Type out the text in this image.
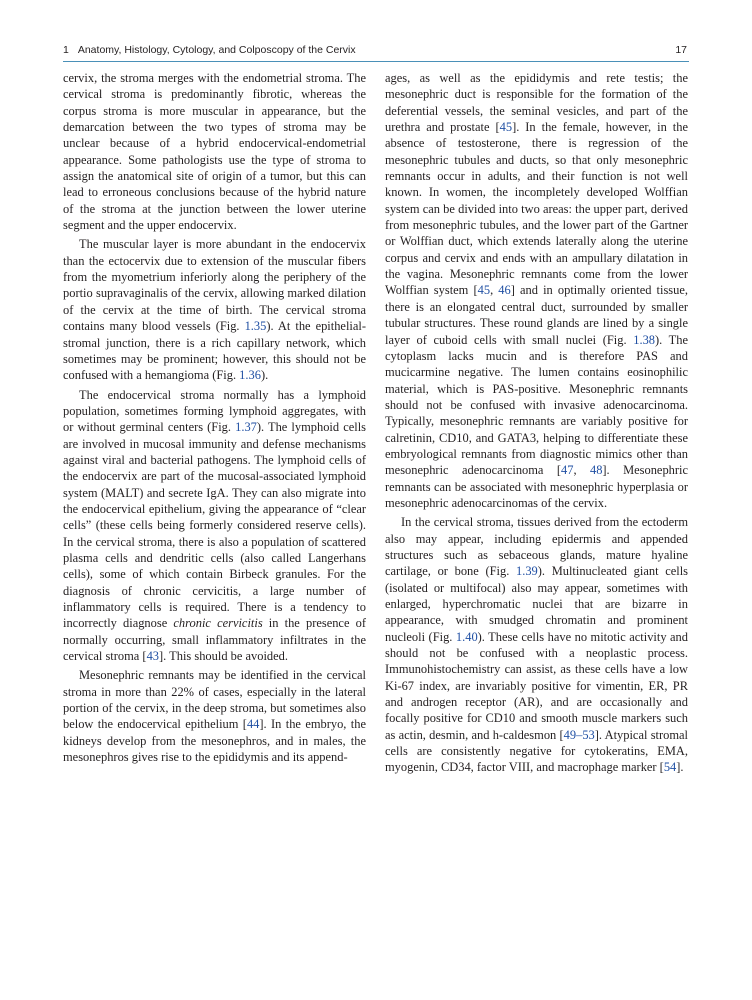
1 Anatomy, Histology, Cytology, and Colposcopy of the Cervix	17

cervix, the stroma merges with the endometrial stroma. The cervical stroma is predominantly fibrotic, whereas the corpus stroma is more muscular in appearance, but the demarcation between the two types of stroma may be unclear because of a hybrid endocervical-endometrial appearance. Some pathologists use the type of stroma to assign the anatomical site of origin of a tumor, but this can lead to erroneous conclusions because of the hybrid nature of the stroma at the junction between the lower uterine segment and the upper endocervix.

The muscular layer is more abundant in the endocervix than the ectocervix due to extension of the muscular fibers from the myometrium inferiorly along the periphery of the portio supravaginalis of the cervix, allowing marked dilation of the cervix at the time of birth. The cervical stroma contains many blood vessels (Fig. 1.35). At the epithelial-stromal junction, there is a rich capillary network, which sometimes may be prominent; however, this should not be confused with a hemangioma (Fig. 1.36).

The endocervical stroma normally has a lymphoid population, sometimes forming lymphoid aggregates, with or without germinal centers (Fig. 1.37). The lymphoid cells are involved in mucosal immunity and defense mechanisms against viral and bacterial pathogens. The lymphoid cells of the endocervix are part of the mucosal-associated lymphoid system (MALT) and secrete IgA. They can also migrate into the endocervical epithelium, giving the appearance of “clear cells” (these cells being formerly considered reserve cells). In the cervical stroma, there is also a population of scattered plasma cells and dendritic cells (also called Langerhans cells), some of which contain Birbeck granules. For the diagnosis of chronic cervicitis, a large number of inflammatory cells is required. There is a tendency to incorrectly diagnose chronic cervicitis in the presence of normally occurring, small inflammatory infiltrates in the cervical stroma [43]. This should be avoided.

Mesonephric remnants may be identified in the cervical stroma in more than 22% of cases, especially in the lateral portion of the cervix, in the deep stroma, but sometimes also below the endocervical epithelium [44]. In the embryo, the kidneys develop from the mesonephros, and in males, the mesonephros gives rise to the epididymis and its append-

ages, as well as the epididymis and rete testis; the mesonephric duct is responsible for the formation of the deferential vessels, the seminal vesicles, and part of the urethra and prostate [45]. In the female, however, in the absence of testosterone, there is regression of the mesonephric tubules and ducts, so that only mesonephric remnants occur in adults, and their function is not well known. In women, the incompletely developed Wolffian system can be divided into two areas: the upper part, derived from mesonephric tubules, and the lower part of the Gartner or Wolffian duct, which extends laterally along the uterine corpus and cervix and ends with an ampullary dilatation in the vagina. Mesonephric remnants come from the lower Wolffian system [45, 46] and in optimally oriented tissue, there is an elongated central duct, surrounded by smaller tubular structures. These round glands are lined by a single layer of cuboid cells with small nuclei (Fig. 1.38). The cytoplasm lacks mucin and is therefore PAS and mucicarmine negative. The lumen contains eosinophilic material, which is PAS-positive. Mesonephric remnants should not be confused with invasive adenocarcinoma. Typically, mesonephric remnants are variably positive for calretinin, CD10, and GATA3, helping to differentiate these embryological remnants from diagnostic mimics other than mesonephric adenocarcinoma [47, 48]. Mesonephric remnants can be associated with mesonephric hyperplasia or mesonephric adenocarcinomas of the cervix.

In the cervical stroma, tissues derived from the ectoderm also may appear, including epidermis and appended structures such as sebaceous glands, mature hyaline cartilage, or bone (Fig. 1.39). Multinucleated giant cells (isolated or multifocal) also may appear, sometimes with enlarged, hyperchromatic nuclei that are bizarre in appearance, with smudged chromatin and prominent nucleoli (Fig. 1.40). These cells have no mitotic activity and should not be confused with a neoplastic process. Immunohistochemistry can assist, as these cells have a low Ki-67 index, are invariably positive for vimentin, ER, PR and androgen receptor (AR), and are occasionally and focally positive for CD10 and smooth muscle markers such as actin, desmin, and h-caldesmon [49–53]. Atypical stromal cells are consistently negative for cytokeratins, EMA, myogenin, CD34, factor VIII, and macrophage marker [54].
